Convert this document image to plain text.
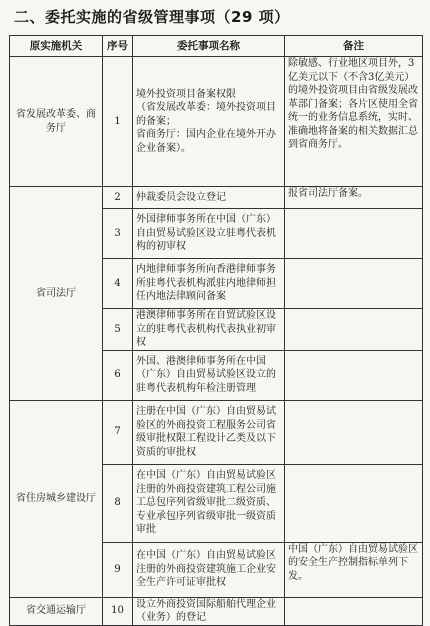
二、委托实施的省级管理事项（29 项）
原实施机关	序号	委托事项名称	备注
省发展改革委、商务厅	1	境外投资项目备案权限
（省发展改革委：境外投资项目的备案；
省商务厅：国内企业在境外开办企业备案）。	除敏感、行业地区项目外，3亿美元以下（不含3亿美元）的境外投资项目由省级发展改革部门备案；各片区使用全省统一的业务信息系统，实时、准确地将备案的相关数据汇总到省商务厅。
省司法厅	2	仲裁委员会设立登记	报省司法厅备案。
	3	外国律师事务所在中国（广东）自由贸易试验区设立驻粤代表机构的初审权	
	4	内地律师事务所向香港律师事务所驻粤代表机构派驻内地律师担任内地法律顾问备案	
	5	港澳律师事务所在自贸试验区设立的驻粤代表机构代表执业初审权	
	6	外国、港澳律师事务所在中国（广东）自由贸易试验区设立的驻粤代表机构年检注册管理	
省住房城乡建设厅	7	注册在中国（广东）自由贸易试验区的外商投资工程服务公司省级审批权限工程设计乙类及以下资质的审批权	
	8	在中国（广东）自由贸易试验区注册的外商投资建筑工程公司施工总包序列省级审批二级资质、专业承包序列省级审批一级资质审批	
	9	在中国（广东）自由贸易试验区注册的外商投资建筑施工企业安全生产许可证审批权	中国（广东）自由贸易试验区的安全生产控制指标单列下发。
省交通运输厅	10	设立外商投资国际船舶代理企业（业务）的登记	
